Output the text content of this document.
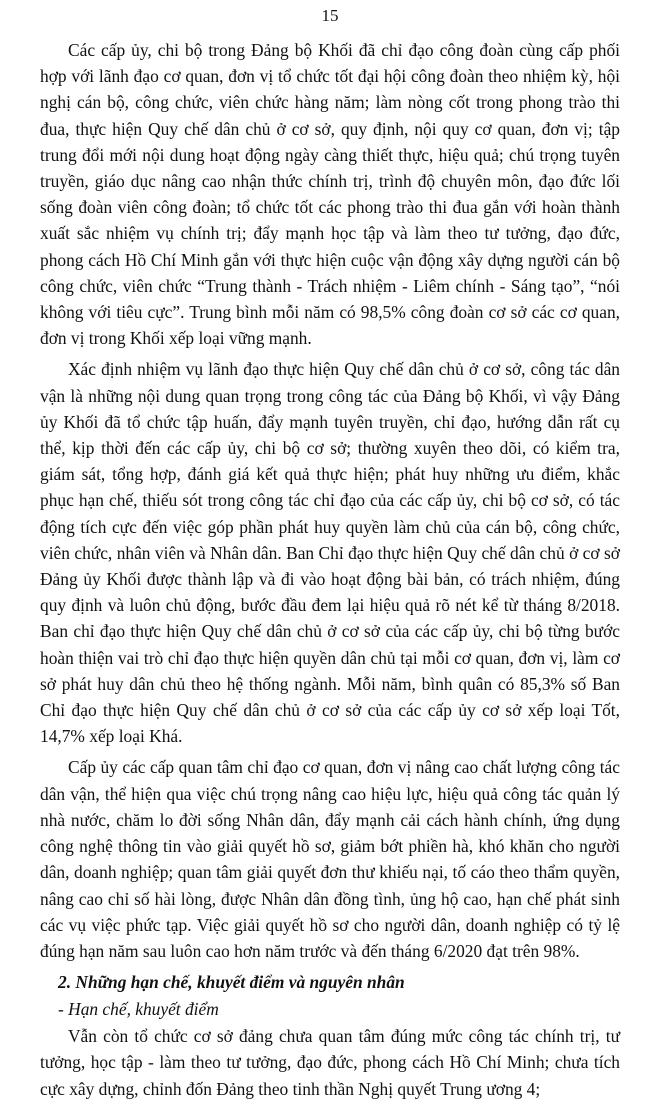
15

Các cấp ủy, chi bộ trong Đảng bộ Khối đã chỉ đạo công đoàn cùng cấp phối hợp với lãnh đạo cơ quan, đơn vị tổ chức tốt đại hội công đoàn theo nhiệm kỳ, hội nghị cán bộ, công chức, viên chức hàng năm; làm nòng cốt trong phong trào thi đua, thực hiện Quy chế dân chủ ở cơ sở, quy định, nội quy cơ quan, đơn vị; tập trung đổi mới nội dung hoạt động ngày càng thiết thực, hiệu quả; chú trọng tuyên truyền, giáo dục nâng cao nhận thức chính trị, trình độ chuyên môn, đạo đức lối sống đoàn viên công đoàn; tổ chức tốt các phong trào thi đua gắn với hoàn thành xuất sắc nhiệm vụ chính trị; đẩy mạnh học tập và làm theo tư tưởng, đạo đức, phong cách Hồ Chí Minh gắn với thực hiện cuộc vận động xây dựng người cán bộ công chức, viên chức “Trung thành - Trách nhiệm - Liêm chính - Sáng tạo”, “nói không với tiêu cực”. Trung bình mỗi năm có 98,5% công đoàn cơ sở các cơ quan, đơn vị trong Khối xếp loại vững mạnh.

Xác định nhiệm vụ lãnh đạo thực hiện Quy chế dân chủ ở cơ sở, công tác dân vận là những nội dung quan trọng trong công tác của Đảng bộ Khối, vì vậy Đảng ủy Khối đã tổ chức tập huấn, đẩy mạnh tuyên truyền, chỉ đạo, hướng dẫn rất cụ thể, kịp thời đến các cấp ủy, chi bộ cơ sở; thường xuyên theo dõi, có kiểm tra, giám sát, tổng hợp, đánh giá kết quả thực hiện; phát huy những ưu điểm, khắc phục hạn chế, thiếu sót trong công tác chỉ đạo của các cấp ủy, chi bộ cơ sở, có tác động tích cực đến việc góp phần phát huy quyền làm chủ của cán bộ, công chức, viên chức, nhân viên và Nhân dân. Ban Chỉ đạo thực hiện Quy chế dân chủ ở cơ sở Đảng ủy Khối được thành lập và đi vào hoạt động bài bản, có trách nhiệm, đúng quy định và luôn chủ động, bước đầu đem lại hiệu quả rõ nét kể từ tháng 8/2018. Ban chỉ đạo thực hiện Quy chế dân chủ ở cơ sở của các cấp ủy, chi bộ từng bước hoàn thiện vai trò chỉ đạo thực hiện quyền dân chủ tại mỗi cơ quan, đơn vị, làm cơ sở phát huy dân chủ theo hệ thống ngành. Mỗi năm, bình quân có 85,3% số Ban Chỉ đạo thực hiện Quy chế dân chủ ở cơ sở của các cấp ủy cơ sở xếp loại Tốt, 14,7% xếp loại Khá.

Cấp ủy các cấp quan tâm chỉ đạo cơ quan, đơn vị nâng cao chất lượng công tác dân vận, thể hiện qua việc chú trọng nâng cao hiệu lực, hiệu quả công tác quản lý nhà nước, chăm lo đời sống Nhân dân, đẩy mạnh cải cách hành chính, ứng dụng công nghệ thông tin vào giải quyết hồ sơ, giảm bớt phiền hà, khó khăn cho người dân, doanh nghiệp; quan tâm giải quyết đơn thư khiếu nại, tố cáo theo thẩm quyền, nâng cao chỉ số hài lòng, được Nhân dân đồng tình, ủng hộ cao, hạn chế phát sinh các vụ việc phức tạp. Việc giải quyết hồ sơ cho người dân, doanh nghiệp có tỷ lệ đúng hạn năm sau luôn cao hơn năm trước và đến tháng 6/2020 đạt trên 98%.

2. Những hạn chế, khuyết điểm và nguyên nhân
- Hạn chế, khuyết điểm

Vẫn còn tổ chức cơ sở đảng chưa quan tâm đúng mức công tác chính trị, tư tưởng, học tập - làm theo tư tưởng, đạo đức, phong cách Hồ Chí Minh; chưa tích cực xây dựng, chỉnh đốn Đảng theo tinh thần Nghị quyết Trung ương 4;
